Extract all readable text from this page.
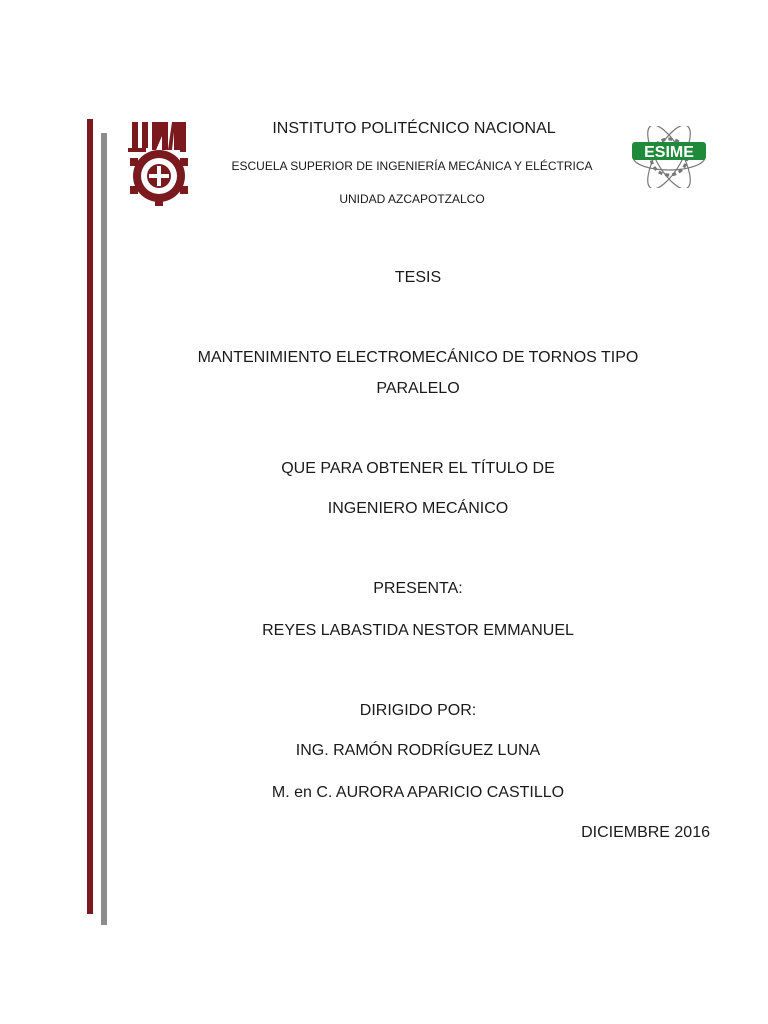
ESIME
INSTITUTO POLITÉCNICO NACIONAL
ESCUELA SUPERIOR DE INGENIERÍA MECÁNICA Y ELÉCTRICA
UNIDAD AZCAPOTZALCO
TESIS
MANTENIMIENTO ELECTROMECÁNICO DE TORNOS TIPO
PARALELO
QUE PARA OBTENER EL TÍTULO DE
INGENIERO MECÁNICO
PRESENTA:
REYES LABASTIDA NESTOR EMMANUEL
DIRIGIDO POR:
ING. RAMÓN RODRÍGUEZ LUNA
M. en C. AURORA APARICIO CASTILLO
DICIEMBRE 2016
